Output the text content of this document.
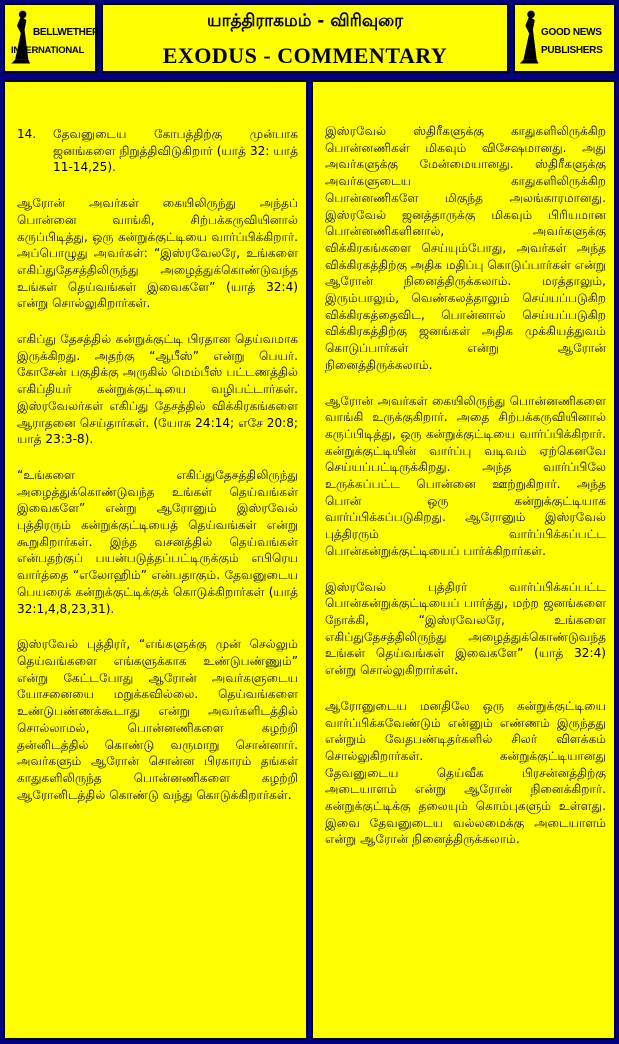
BELLWETHER
INTERNATIONAL
யாத்திராகமம் - விரிவுரை
EXODUS - COMMENTARY
GOOD NEWS
PUBLISHERS
14.	தேவனுடைய கோபத்திற்கு முன்பாக ஜனங்களை நிறுத்திவிடுகிறார் (யாத் 32: யாத் 11-14,25).

ஆரோன் அவர்கள் கையிலிருந்து அந்தப் பொன்னை வாங்கி, சிற்பக்கருவியினால் கருப்பிடித்து, ஒரு கன்றுக்குட்டியை வார்ப்பிக்கிறார். அப்பொழுது அவர்கள்: “இஸ்ரவேலரே, உங்களை எகிப்துதேசத்திலிருந்து அழைத்துக்கொண்டுவந்த உங்கள் தெய்வங்கள் இவைகளே” (யாத் 32:4) என்று சொல்லுகிறார்கள்.

எகிப்து தேசத்தில் கன்றுக்குட்டி பிரதான தெய்வமாக இருக்கிறது. அதற்கு “ஆபீஸ்” என்று பெயர். கோசேன் பகுதிக்கு அருகில் மெம்பீஸ் பட்டணத்தில் எகிப்தியர் கன்றுக்குட்டியை வழிபட்டார்கள். இஸ்ரவேலர்கள் எகிப்து தேசத்தில் விக்கிரகங்களை ஆராதனை செய்தார்கள். (யோசு 24:14; எசே 20:8; யாத் 23:3-8).

“உங்களை எகிப்துதேசத்திலிருந்து அழைத்துக்கொண்டுவந்த உங்கள் தெய்வங்கள் இவைகளே” என்று ஆரோனும் இஸ்ரவேல் புத்திரரும் கன்றுக்குட்டியைத் தெய்வங்கள் என்று கூறுகிறார்கள். இந்த வசனத்தில் தெய்வங்கள் என்பதற்குப் பயன்படுத்தப்பட்டிருக்கும் எபிரெய வார்த்தை “எலோஹிம்” என்பதாகும். தேவனுடைய பெயரைக் கன்றுக்குட்டிக்குக் கொடுக்கிறார்கள் (யாத் 32:1,4,8,23,31).

இஸ்ரவேல் புத்திரர், “எங்களுக்கு முன் செல்லும் தெய்வங்களை எங்களுக்காக உண்டுபண்ணும்” என்று கேட்டபோது ஆரோன் அவர்களுடைய யோசனையை மறுக்கவில்லை. தெய்வங்களை உண்டுபண்ணக்கூடாது என்று அவர்களிடத்தில் சொல்லாமல், பொன்னணிகளை கழற்றி தன்னிடத்தில் கொண்டு வருமாறு சொன்னார். அவர்களும் ஆரோன் சொன்ன பிரகாரம் தங்கள் காதுகளிலிருந்த பொன்னணிகளை கழற்றி ஆரோனிடத்தில் கொண்டு வந்து கொடுக்கிறார்கள்.

இஸ்ரவேல் ஸ்திரீகளுக்கு காதுகளிலிருக்கிற பொன்னணிகள் மிகவும் விசேஷமானது. அது அவர்களுக்கு மேன்மையானது. ஸ்திரீகளுக்கு அவர்களுடைய காதுகளிலிருக்கிற பொன்னணிகளே மிகுந்த அலங்காரமானது. இஸ்ரவேல் ஜனத்தாருக்கு மிகவும் பிரியமான பொன்னணிகளினால், அவர்களுக்கு விக்கிரகங்களை செய்யும்போது, அவர்கள் அந்த விக்கிரகத்திற்கு அதிக மதிப்பு கொடுப்பார்கள் என்று ஆரோன் நினைத்திருக்கலாம். மரத்தாலும், இரும்பாலும், வெண்கலத்தாலும் செய்யப்படுகிற விக்கிரகத்தைவிட, பொன்னால் செய்யப்படுகிற விக்கிரகத்திற்கு ஜனங்கள் அதிக முக்கியத்துவம் கொடுப்பார்கள் என்று ஆரோன் நினைத்திருக்கலாம்.

ஆரோன் அவர்கள் கையிலிருந்து பொன்னணிகளை வாங்கி உருக்குகிறார். அதை சிற்பக்கருவியினால் கருப்பிடித்து, ஒரு கன்றுக்குட்டியை வார்ப்பிக்கிறார். கன்றுக்குட்டியின் வார்ப்பு வடிவம் ஏற்கெனவே செய்யப்பட்டிருக்கிறது. அந்த வார்ப்பிலே உருக்கப்பட்ட பொன்னை ஊற்றுகிறார். அந்த பொன் ஒரு கன்றுக்குட்டியாக வார்ப்பிக்கப்படுகிறது. ஆரோனும் இஸ்ரவேல் புத்திரரும் வார்ப்பிக்கப்பட்ட பொன்கன்றுக்குட்டியைப் பார்க்கிறார்கள்.

இஸ்ரவேல் புத்திரர் வார்ப்பிக்கப்பட்ட பொன்கன்றுக்குட்டியைப் பார்த்து, மற்ற ஜனங்களை நோக்கி, “இஸ்ரவேலரே, உங்களை எகிப்துதேசத்திலிருந்து அழைத்துக்கொண்டுவந்த உங்கள் தெய்வங்கள் இவைகளே” (யாத் 32:4) என்று சொல்லுகிறார்கள்.

ஆரோனுடைய மனதிலே ஒரு கன்றுக்குட்டியை வார்ப்பிக்கவேண்டும் என்னும் எண்ணம் இருந்தது என்றும் வேதபண்டிதர்களில் சிலர் விளக்கம் சொல்லுகிறார்கள். கன்றுக்குட்டியானது தேவனுடைய தெய்வீக பிரசன்னத்திற்கு அடையாளம் என்று ஆரோன் நினைக்கிறார். கன்றுக்குட்டிக்கு தலையும் கொம்புகளும் உள்ளது. இவை தேவனுடைய வல்லமைக்கு அடையாளம் என்று ஆரோன் நினைத்திருக்கலாம்.
